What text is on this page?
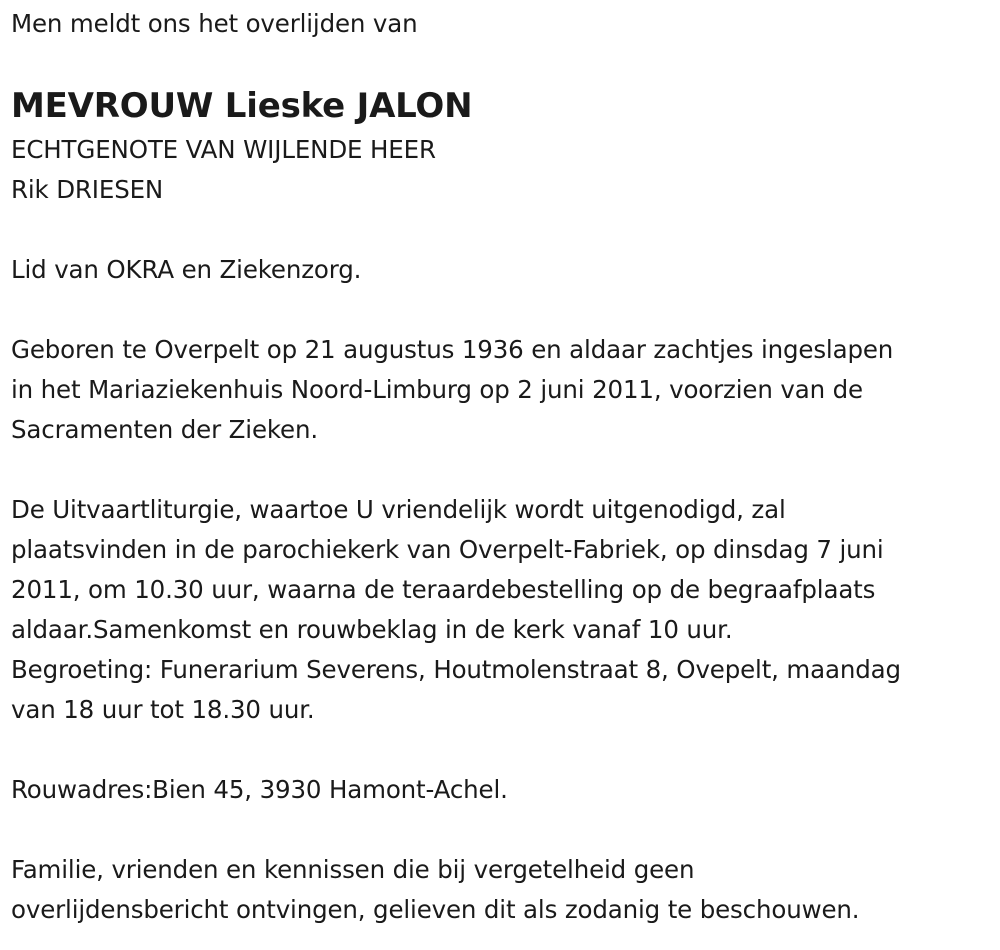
Men meldt ons het overlijden van
MEVROUW Lieske JALON
ECHTGENOTE VAN WIJLENDE HEER
Rik DRIESEN
Lid van OKRA en Ziekenzorg.
Geboren te Overpelt op 21 augustus 1936 en aldaar zachtjes ingeslapen
in het Mariaziekenhuis Noord-Limburg op 2 juni 2011, voorzien van de
Sacramenten der Zieken.
De Uitvaartliturgie, waartoe U vriendelijk wordt uitgenodigd, zal
plaatsvinden in de parochiekerk van Overpelt-Fabriek, op dinsdag 7 juni
2011, om 10.30 uur, waarna de teraardebestelling op de begraafplaats
aldaar.Samenkomst en rouwbeklag in de kerk vanaf 10 uur.
Begroeting: Funerarium Severens, Houtmolenstraat 8, Ovepelt, maandag
van 18 uur tot 18.30 uur.
Rouwadres:Bien 45, 3930 Hamont-Achel.
Familie, vrienden en kennissen die bij vergetelheid geen
overlijdensbericht ontvingen, gelieven dit als zodanig te beschouwen.
